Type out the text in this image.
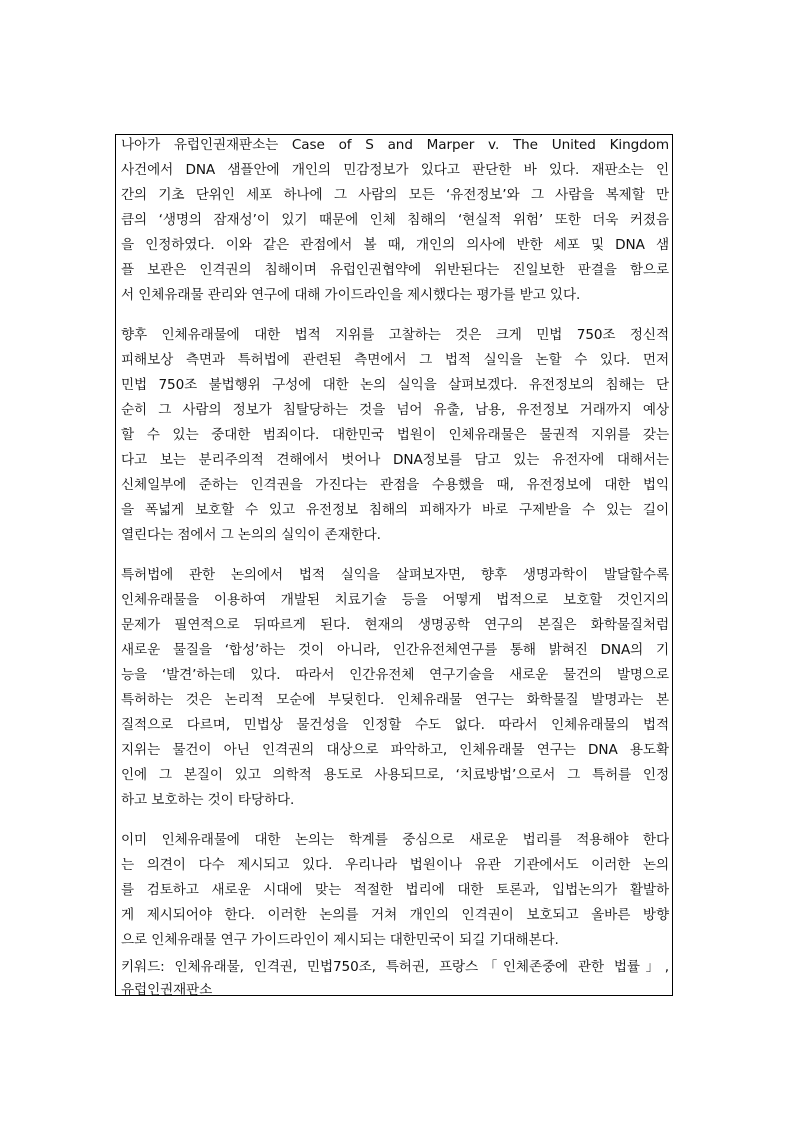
나아가 유럽인권재판소는 Case of S and Marper v. The United Kingdom
사건에서 DNA 샘플안에 개인의 민감정보가 있다고 판단한 바 있다. 재판소는 인
간의 기초 단위인 세포 하나에 그 사람의 모든 ‘유전정보’와 그 사람을 복제할 만
큼의 ‘생명의 잠재성’이 있기 때문에 인체 침해의 ‘현실적 위험’ 또한 더욱 커졌음
을 인정하였다. 이와 같은 관점에서 볼 때, 개인의 의사에 반한 세포 및 DNA 샘
플 보관은 인격권의 침해이며 유럽인권협약에 위반된다는 진일보한 판결을 함으로
서 인체유래물 관리와 연구에 대해 가이드라인을 제시했다는 평가를 받고 있다.
향후 인체유래물에 대한 법적 지위를 고찰하는 것은 크게 민법 750조 정신적
피해보상 측면과 특허법에 관련된 측면에서 그 법적 실익을 논할 수 있다. 먼저
민법 750조 불법행위 구성에 대한 논의 실익을 살펴보겠다. 유전정보의 침해는 단
순히 그 사람의 정보가 침탈당하는 것을 넘어 유출, 남용, 유전정보 거래까지 예상
할 수 있는 중대한 범죄이다. 대한민국 법원이 인체유래물은 물권적 지위를 갖는
다고 보는 분리주의적 견해에서 벗어나 DNA정보를 담고 있는 유전자에 대해서는
신체일부에 준하는 인격권을 가진다는 관점을 수용했을 때, 유전정보에 대한 법익
을 폭넓게 보호할 수 있고 유전정보 침해의 피해자가 바로 구제받을 수 있는 길이
열린다는 점에서 그 논의의 실익이 존재한다.
특허법에 관한 논의에서 법적 실익을 살펴보자면, 향후 생명과학이 발달할수록
인체유래물을 이용하여 개발된 치료기술 등을 어떻게 법적으로 보호할 것인지의
문제가 필연적으로 뒤따르게 된다. 현재의 생명공학 연구의 본질은 화학물질처럼
새로운 물질을 ‘합성’하는 것이 아니라, 인간유전체연구를 통해 밝혀진 DNA의 기
능을 ‘발견’하는데 있다. 따라서 인간유전체 연구기술을 새로운 물건의 발명으로
특허하는 것은 논리적 모순에 부딪힌다. 인체유래물 연구는 화학물질 발명과는 본
질적으로 다르며, 민법상 물건성을 인정할 수도 없다. 따라서 인체유래물의 법적
지위는 물건이 아닌 인격권의 대상으로 파악하고, 인체유래물 연구는 DNA 용도확
인에 그 본질이 있고 의학적 용도로 사용되므로, ‘치료방법’으로서 그 특허를 인정
하고 보호하는 것이 타당하다.
이미 인체유래물에 대한 논의는 학계를 중심으로 새로운 법리를 적용해야 한다
는 의견이 다수 제시되고 있다. 우리나라 법원이나 유관 기관에서도 이러한 논의
를 검토하고 새로운 시대에 맞는 적절한 법리에 대한 토론과, 입법논의가 활발하
게 제시되어야 한다. 이러한 논의를 거쳐 개인의 인격권이 보호되고 올바른 방향
으로 인체유래물 연구 가이드라인이 제시되는 대한민국이 되길 기대해본다.
키워드: 인체유래물, 인격권, 민법750조, 특허권, 프랑스「인체존중에 관한 법률」,
유럽인권재판소
